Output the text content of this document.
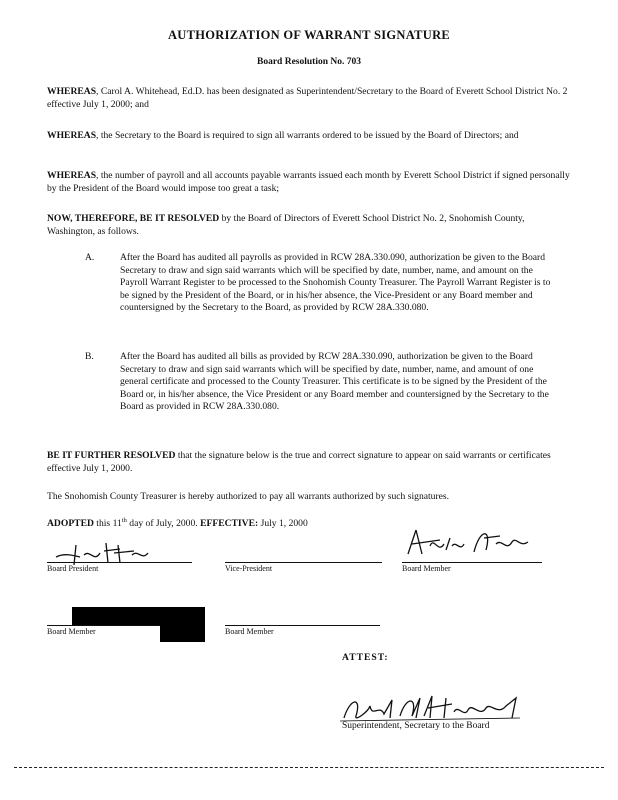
AUTHORIZATION OF WARRANT SIGNATURE
Board Resolution No. 703
WHEREAS, Carol A. Whitehead, Ed.D. has been designated as Superintendent/Secretary to the Board of Everett School District No. 2 effective July 1, 2000; and
WHEREAS, the Secretary to the Board is required to sign all warrants ordered to be issued by the Board of Directors; and
WHEREAS, the number of payroll and all accounts payable warrants issued each month by Everett School District if signed personally by the President of the Board would impose too great a task;
NOW, THEREFORE, BE IT RESOLVED by the Board of Directors of Everett School District No. 2, Snohomish County, Washington, as follows.
A.	After the Board has audited all payrolls as provided in RCW 28A.330.090, authorization be given to the Board Secretary to draw and sign said warrants which will be specified by date, number, name, and amount on the Payroll Warrant Register to be processed to the Snohomish County Treasurer. The Payroll Warrant Register is to be signed by the President of the Board, or in his/her absence, the Vice-President or any Board member and countersigned by the Secretary to the Board, as provided by RCW 28A.330.080.
B.	After the Board has audited all bills as provided by RCW 28A.330.090, authorization be given to the Board Secretary to draw and sign said warrants which will be specified by date, number, name, and amount of one general certificate and processed to the County Treasurer. This certificate is to be signed by the President of the Board or, in his/her absence, the Vice President or any Board member and countersigned by the Secretary to the Board as provided in RCW 28A.330.080.
BE IT FURTHER RESOLVED that the signature below is the true and correct signature to appear on said warrants or certificates effective July 1, 2000.
The Snohomish County Treasurer is hereby authorized to pay all warrants authorized by such signatures.
ADOPTED this 11th day of July, 2000. EFFECTIVE: July 1, 2000
Board President	Vice-President	Board Member
Board Member	Board Member
ATTEST:
Superintendent, Secretary to the Board
